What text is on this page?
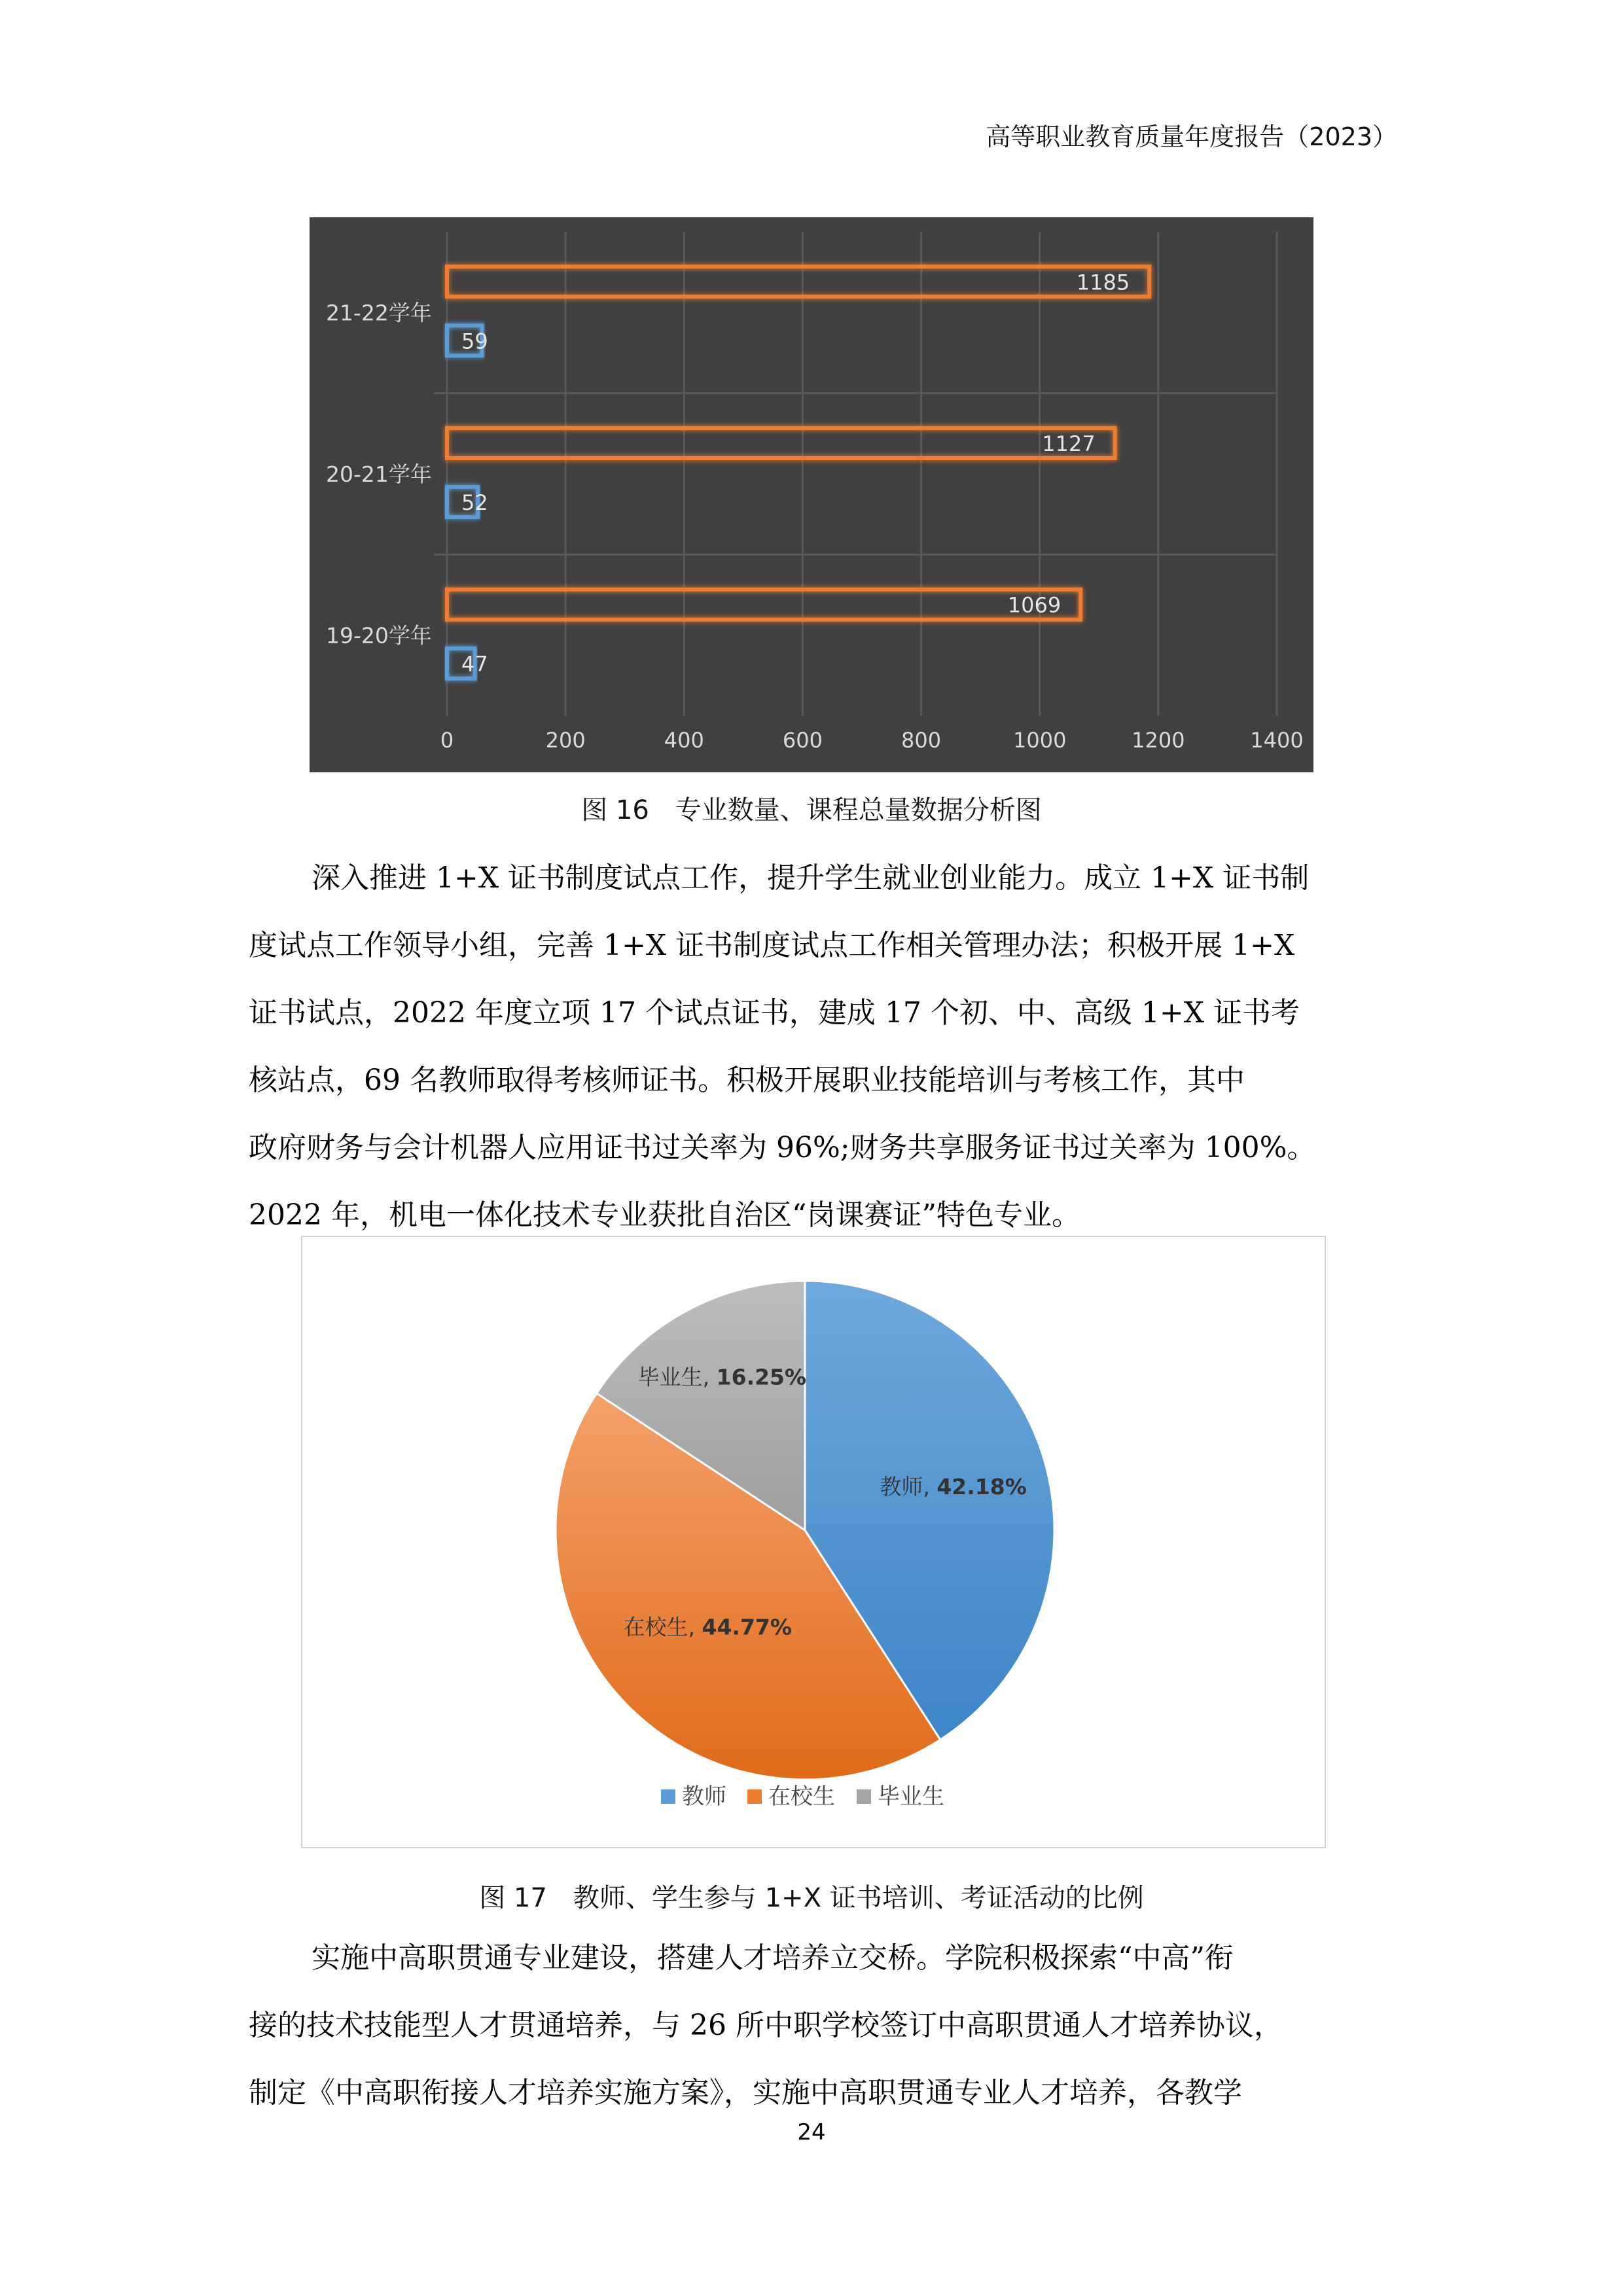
高等职业教育质量年度报告（2023）
1185
59
1127
52
1069
47
0	200	400	600	800	1000	1200	1400
21-22学年
20-21学年
19-20学年
图 16　专业数量、课程总量数据分析图

深入推进 1+X 证书制度试点工作，提升学生就业创业能力。成立 1+X 证书制

度试点工作领导小组，完善 1+X 证书制度试点工作相关管理办法；积极开展 1+X

证书试点，2022 年度立项 17 个试点证书，建成 17 个初、中、高级 1+X 证书考

核站点，69 名教师取得考核师证书。积极开展职业技能培训与考核工作，其中

政府财务与会计机器人应用证书过关率为 96%;财务共享服务证书过关率为 100%。

2022 年，机电一体化技术专业获批自治区“岗课赛证”特色专业。

教师, 42.18%
在校生, 44.77%
毕业生, 16.25%
教师 在校生 毕业生
图 17　教师、学生参与 1+X 证书培训、考证活动的比例

实施中高职贯通专业建设，搭建人才培养立交桥。学院积极探索“中高”衔

接的技术技能型人才贯通培养，与 26 所中职学校签订中高职贯通人才培养协议，

制定《中高职衔接人才培养实施方案》，实施中高职贯通专业人才培养，各教学

24
